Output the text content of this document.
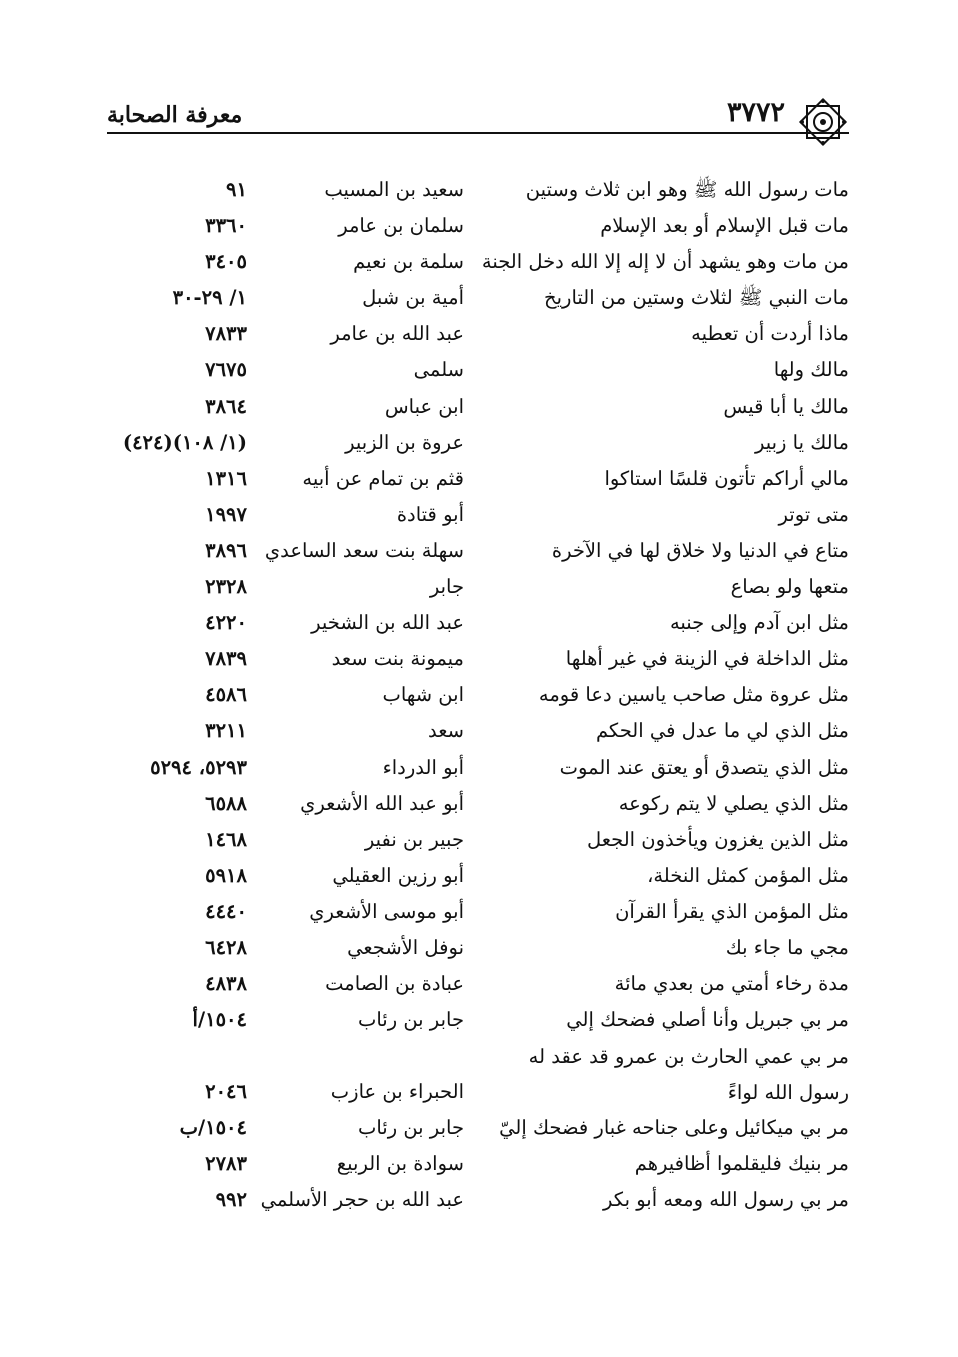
٣٧٧٢
معرفة الصحابة
مات رسول الله ﷺ وهو ابن ثلاث وستين
سعيد بن المسيب
٩١
مات قبل الإسلام أو بعد الإسلام
سلمان بن عامر
٣٣٦٠
من مات وهو يشهد أن لا إله إلا الله دخل الجنة
سلمة بن نعيم
٣٤٠٥
مات النبي ﷺ لثلاث وستين من التاريخ
أمية بن شبل
١/ ٢٩-٣٠
ماذا أردت أن تعطيه
عبد الله بن عامر
٧٨٣٣
مالك ولها
سلمى
٧٦٧٥
مالك يا أبا قيس
ابن عباس
٣٨٦٤
مالك يا زبير
عروة بن الزبير
(١/ ١٠٨)(٤٢٤)
مالي أراكم تأتون قلسًا استاكوا
قثم بن تمام عن أبيه
١٣١٦
متى توتر
أبو قتادة
١٩٩٧
متاع في الدنيا ولا خلاق لها في الآخرة
سهلة بنت سعد الساعدي
٣٨٩٦
متعها ولو بصاع
جابر
٢٣٢٨
مثل ابن آدم وإلى جنبه
عبد الله بن الشخير
٤٢٢٠
مثل الداخلة في الزينة في غير أهلها
ميمونة بنت سعد
٧٨٣٩
مثل عروة مثل صاحب ياسين دعا قومه
ابن شهاب
٤٥٨٦
مثل الذي لي ما عدل في الحكم
سعد
٣٢١١
مثل الذي يتصدق أو يعتق عند الموت
أبو الدرداء
٥٢٩٣، ٥٢٩٤
مثل الذي يصلي لا يتم ركوعه
أبو عبد الله الأشعري
٦٥٨٨
مثل الذين يغزون ويأخذون الجعل
جبير بن نفير
١٤٦٨
مثل المؤمن كمثل النخلة،
أبو رزين العقيلي
٥٩١٨
مثل المؤمن الذي يقرأ القرآن
أبو موسى الأشعري
٤٤٤٠
مجي ما جاء بك
نوفل الأشجعي
٦٤٢٨
مدة رخاء أمتي من بعدي مائة
عبادة بن الصامت
٤٨٣٨
مر بي جبريل وأنا أصلي فضحك إلي
جابر بن رئاب
١٥٠٤/أ
مر بي عمي الحارث بن عمرو قد عقد له رسول الله لواءً
الحبراء بن عازب
٢٠٤٦
مر بي ميكائيل وعلى جناحه غبار فضحك إليّ
جابر بن رئاب
١٥٠٤/ب
مر بنيك فليقلموا أظافيرهم
سوادة بن الربيع
٢٧٨٣
مر بي رسول الله ومعه أبو بكر
عبد الله بن حجر الأسلمي
٩٩٢
